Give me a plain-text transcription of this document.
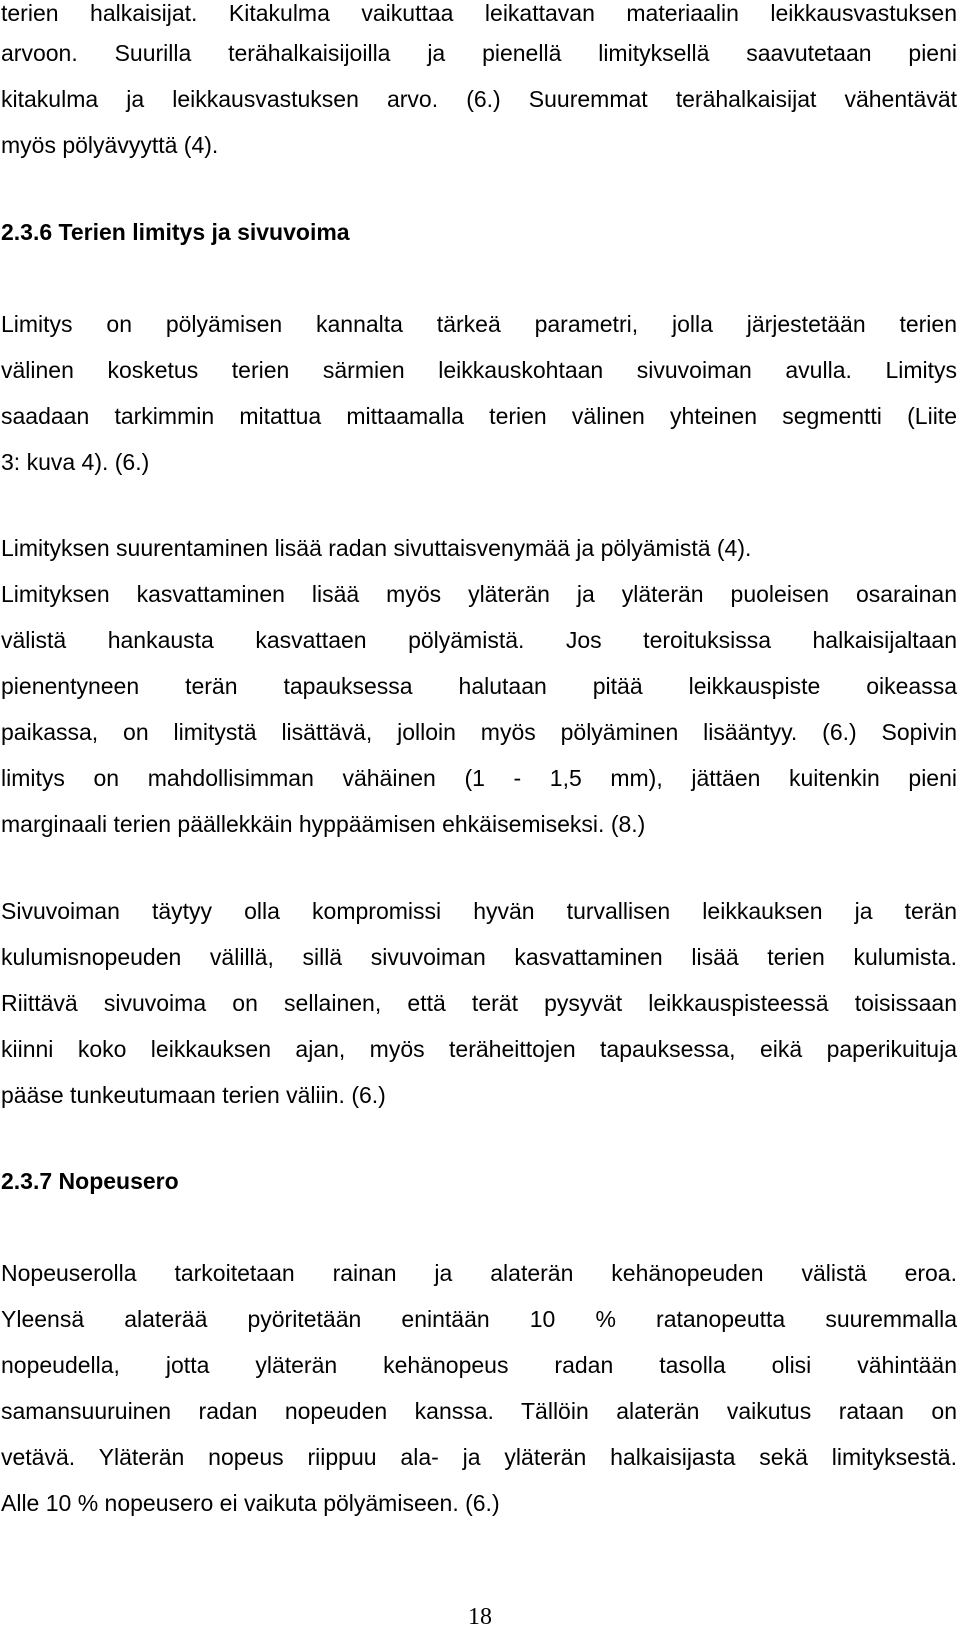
terien halkaisijat. Kitakulma vaikuttaa leikattavan materiaalin leikkausvastuksen

arvoon. Suurilla terähalkaisijoilla ja pienellä limityksellä saavutetaan pieni

kitakulma ja leikkausvastuksen arvo. (6.) Suuremmat terähalkaisijat vähentävät

myös pölyävyyttä (4).

2.3.6 Terien limitys ja sivuvoima

Limitys on pölyämisen kannalta tärkeä parametri, jolla järjestetään terien

välinen kosketus terien särmien leikkauskohtaan sivuvoiman avulla. Limitys

saadaan tarkimmin mitattua mittaamalla terien välinen yhteinen segmentti (Liite

3: kuva 4). (6.)

Limityksen suurentaminen lisää radan sivuttaisvenymää ja pölyämistä (4).

Limityksen kasvattaminen lisää myös yläterän ja yläterän puoleisen osarainan

välistä hankausta kasvattaen pölyämistä. Jos teroituksissa halkaisijaltaan

pienentyneen terän tapauksessa halutaan pitää leikkauspiste oikeassa

paikassa, on limitystä lisättävä, jolloin myös pölyäminen lisääntyy. (6.) Sopivin

limitys on mahdollisimman vähäinen (1 - 1,5 mm), jättäen kuitenkin pieni

marginaali terien päällekkäin hyppäämisen ehkäisemiseksi. (8.)

Sivuvoiman täytyy olla kompromissi hyvän turvallisen leikkauksen ja terän

kulumisnopeuden välillä, sillä sivuvoiman kasvattaminen lisää terien kulumista.

Riittävä sivuvoima on sellainen, että terät pysyvät leikkauspisteessä toisissaan

kiinni koko leikkauksen ajan, myös teräheittojen tapauksessa, eikä paperikuituja

pääse tunkeutumaan terien väliin. (6.)

2.3.7 Nopeusero

Nopeuserolla tarkoitetaan rainan ja alaterän kehänopeuden välistä eroa.

Yleensä alaterää pyöritetään enintään 10 % ratanopeutta suuremmalla

nopeudella, jotta yläterän kehänopeus radan tasolla olisi vähintään

samansuuruinen radan nopeuden kanssa. Tällöin alaterän vaikutus rataan on

vetävä. Yläterän nopeus riippuu ala- ja yläterän halkaisijasta sekä limityksestä.

Alle 10 % nopeusero ei vaikuta pölyämiseen. (6.)

18
